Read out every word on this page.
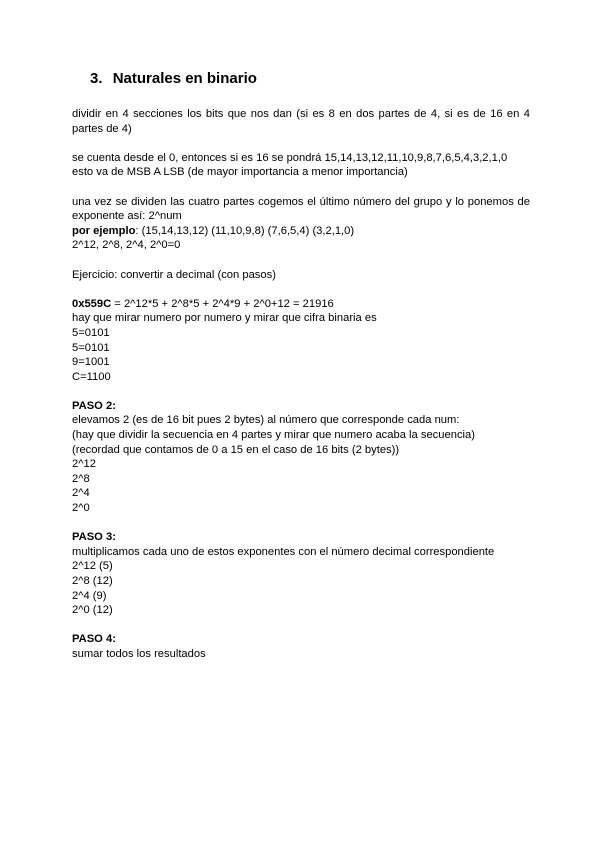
3. Naturales en binario

dividir en 4 secciones los bits que nos dan (si es 8 en dos partes de 4, si es de 16 en 4 partes de 4)

se cuenta desde el 0, entonces si es 16 se pondrá 15,14,13,12,11,10,9,8,7,6,5,4,3,2,1,0

esto va de MSB A LSB (de mayor importancia a menor importancia)

una vez se dividen las cuatro partes cogemos el último número del grupo y lo ponemos de exponente así: 2^num

por ejemplo: (15,14,13,12) (11,10,9,8) (7,6,5,4) (3,2,1,0)

2^12, 2^8, 2^4, 2^0=0

Ejercicio: convertir a decimal (con pasos)

0x559C = 2^12*5 + 2^8*5 + 2^4*9 + 2^0+12 = 21916

hay que mirar numero por numero y mirar que cifra binaria es

5=0101

5=0101

9=1001

C=1100

PASO 2:

elevamos 2 (es de 16 bit pues 2 bytes) al número que corresponde cada num:

(hay que dividir la secuencia en 4 partes y mirar que numero acaba la secuencia)

(recordad que contamos de 0 a 15 en el caso de 16 bits (2 bytes))

2^12

2^8

2^4

2^0

PASO 3:

multiplicamos cada uno de estos exponentes con el número decimal correspondiente

2^12 (5)

2^8 (12)

2^4 (9)

2^0 (12)

PASO 4:

sumar todos los resultados
